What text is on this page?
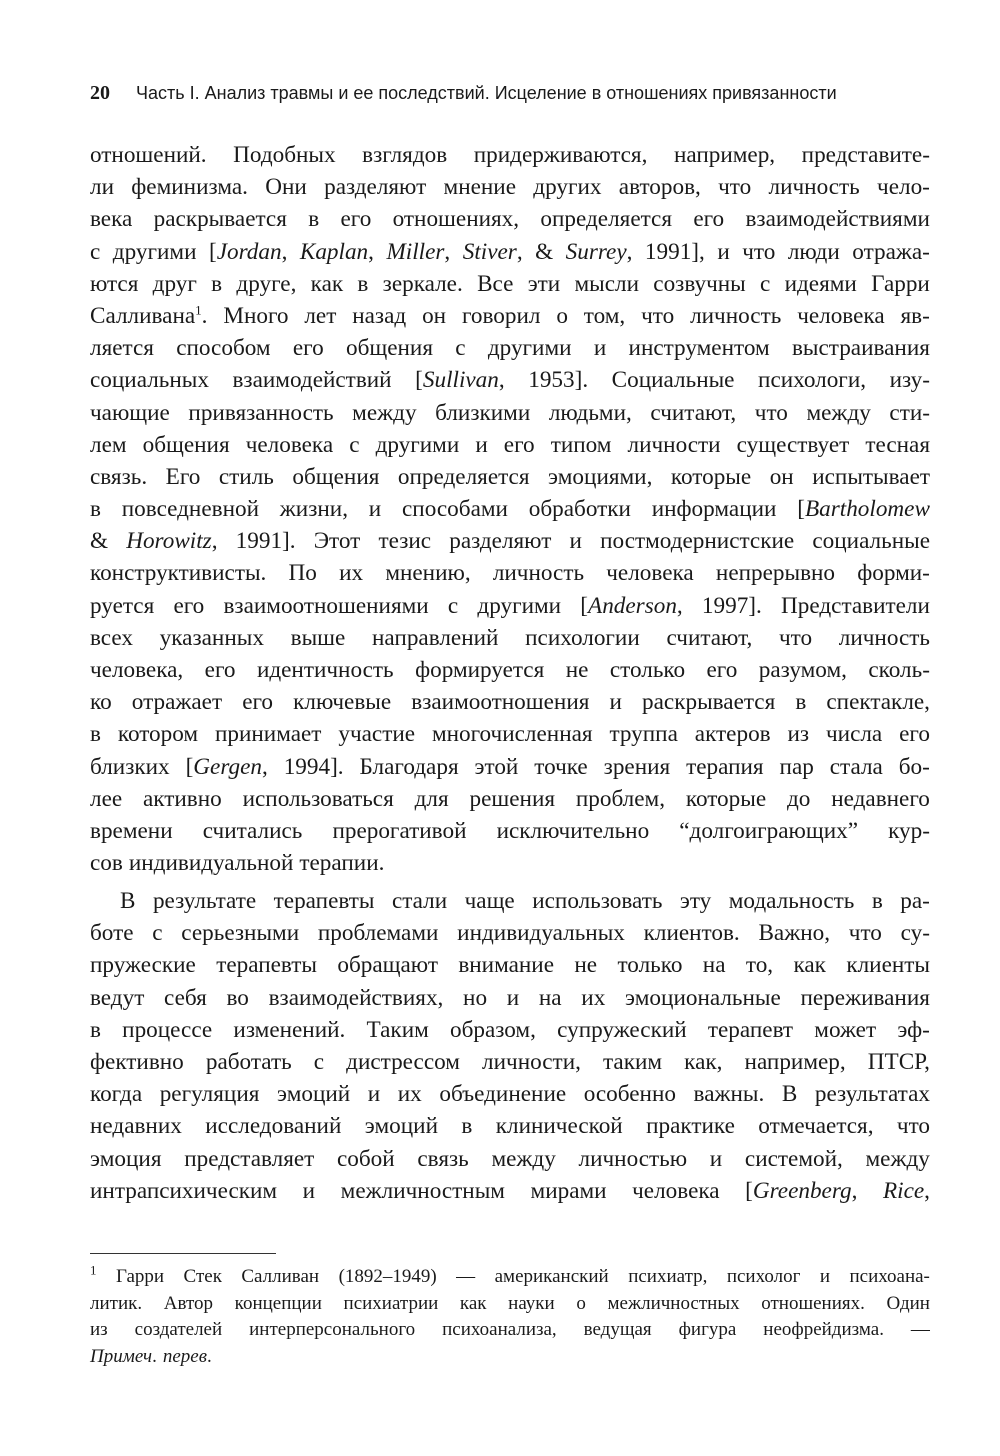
20 Часть I. Анализ травмы и ее последствий. Исцеление в отношениях привязанности
отношений. Подобных взглядов придерживаются, например, представите-
ли феминизма. Они разделяют мнение других авторов, что личность чело-
века раскрывается в его отношениях, определяется его взаимодействиями
с другими [Jordan, Kaplan, Miller, Stiver, & Surrey, 1991], и что люди отража-
ются друг в друге, как в зеркале. Все эти мысли созвучны с идеями Гарри
Салливана$^1$. Много лет назад он говорил о том, что личность человека яв-
ляется способом его общения с другими и инструментом выстраивания
социальных взаимодействий [Sullivan, 1953]. Социальные психологи, изу-
чающие привязанность между близкими людьми, считают, что между сти-
лем общения человека с другими и его типом личности существует тесная
связь. Его стиль общения определяется эмоциями, которые он испытывает
в повседневной жизни, и способами обработки информации [Bartholomew
& Horowitz, 1991]. Этот тезис разделяют и постмодернистские социальные
конструктивисты. По их мнению, личность человека непрерывно форми-
руется его взаимоотношениями с другими [Anderson, 1997]. Представители
всех указанных выше направлений психологии считают, что личность
человека, его идентичность формируется не столько его разумом, сколь-
ко отражает его ключевые взаимоотношения и раскрывается в спектакле,
в котором принимает участие многочисленная труппа актеров из числа его
близких [Gergen, 1994]. Благодаря этой точке зрения терапия пар стала бо-
лее активно использоваться для решения проблем, которые до недавнего
времени считались прерогативой исключительно “долгоиграющих” кур-
сов индивидуальной терапии.
В результате терапевты стали чаще использовать эту модальность в ра-
боте с серьезными проблемами индивидуальных клиентов. Важно, что су-
пружеские терапевты обращают внимание не только на то, как клиенты
ведут себя во взаимодействиях, но и на их эмоциональные переживания
в процессе изменений. Таким образом, супружеский терапевт может эф-
фективно работать с дистрессом личности, таким как, например, ПТСР,
когда регуляция эмоций и их объединение особенно важны. В результатах
недавних исследований эмоций в клинической практике отмечается, что
эмоция представляет собой связь между личностью и системой, между
интрапсихическим и межличностным мирами человека [Greenberg, Rice,
$^1$ Гарри Стек Салливан (1892–1949) — американский психиатр, психолог и психоана-
литик. Автор концепции психиатрии как науки о межличностных отношениях. Один
из создателей интерперсонального психоанализа, ведущая фигура неофрейдизма. —
Примеч. перев.
